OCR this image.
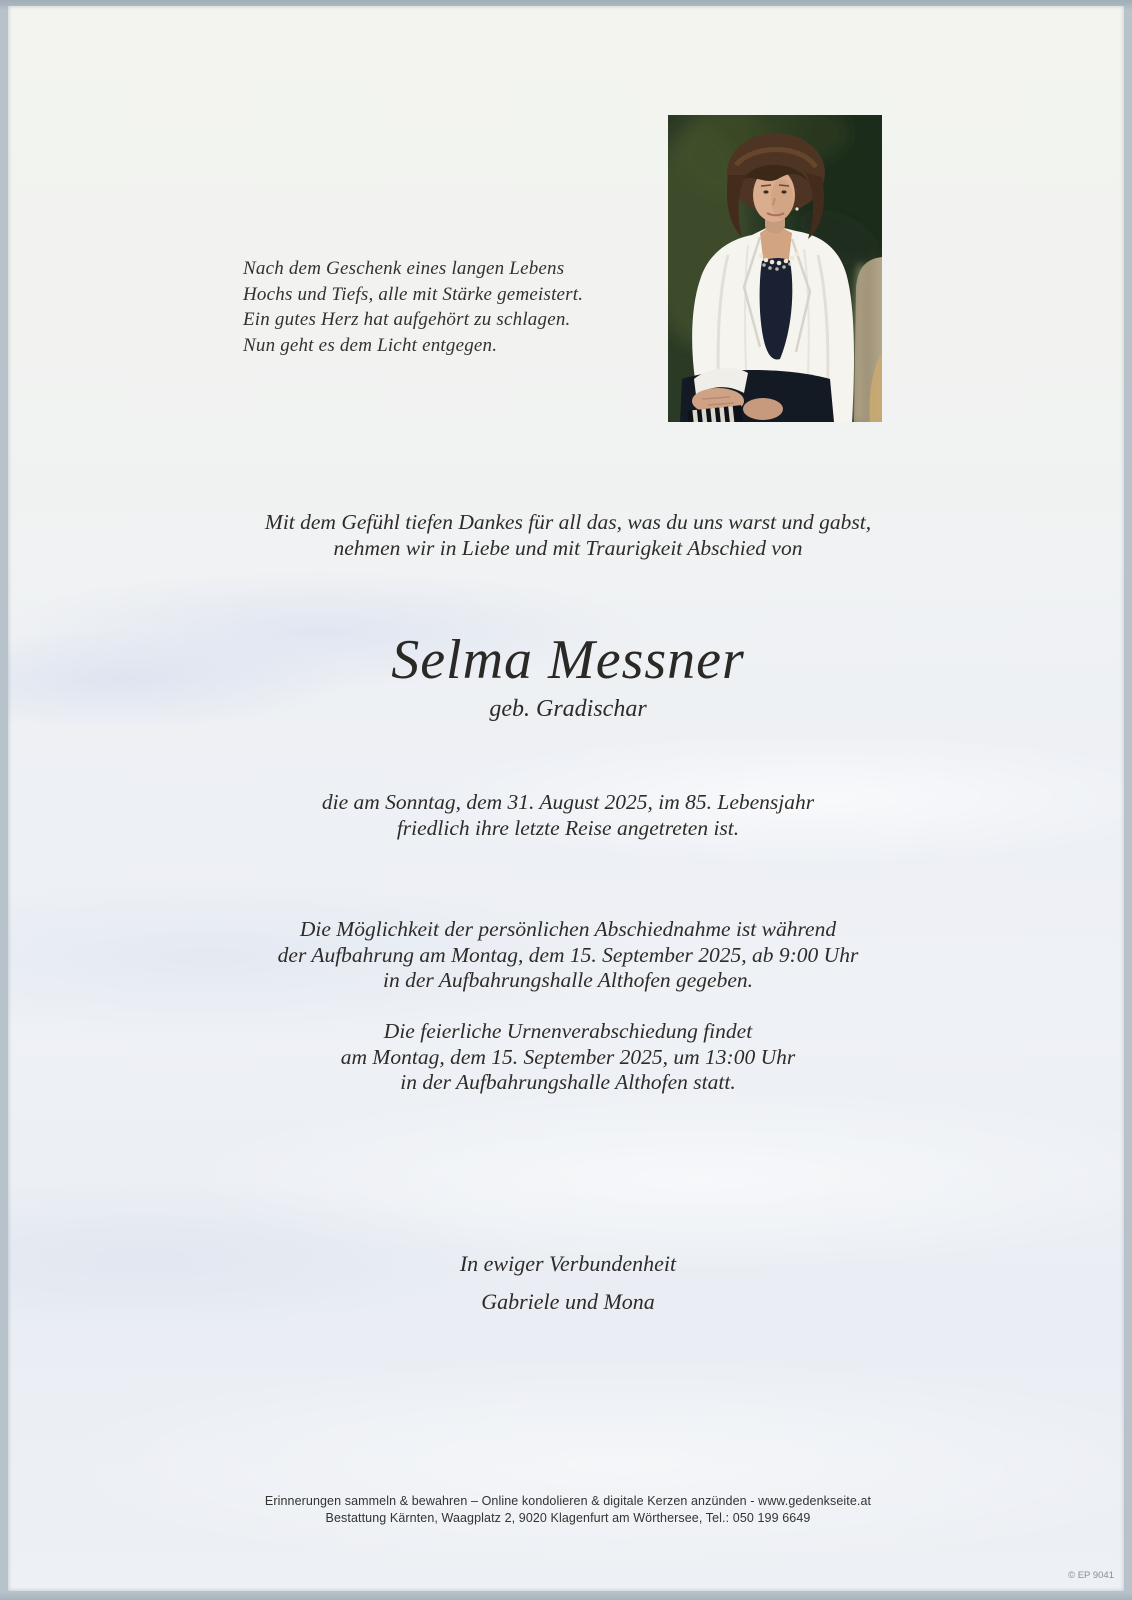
Nach dem Geschenk eines langen Lebens
Hochs und Tiefs, alle mit Stärke gemeistert.
Ein gutes Herz hat aufgehört zu schlagen.
Nun geht es dem Licht entgegen.
Mit dem Gefühl tiefen Dankes für all das, was du uns warst und gabst,
nehmen wir in Liebe und mit Traurigkeit Abschied von
Selma Messner
geb. Gradischar
die am Sonntag, dem 31. August 2025, im 85. Lebensjahr
friedlich ihre letzte Reise angetreten ist.
Die Möglichkeit der persönlichen Abschiednahme ist während
der Aufbahrung am Montag, dem 15. September 2025, ab 9:00 Uhr
in der Aufbahrungshalle Althofen gegeben.
Die feierliche Urnenverabschiedung findet
am Montag, dem 15. September 2025, um 13:00 Uhr
in der Aufbahrungshalle Althofen statt.
In ewiger Verbundenheit
Gabriele und Mona
Erinnerungen sammeln & bewahren – Online kondolieren & digitale Kerzen anzünden - www.gedenkseite.at
Bestattung Kärnten, Waagplatz 2, 9020 Klagenfurt am Wörthersee, Tel.: 050 199 6649
© EP 9041
